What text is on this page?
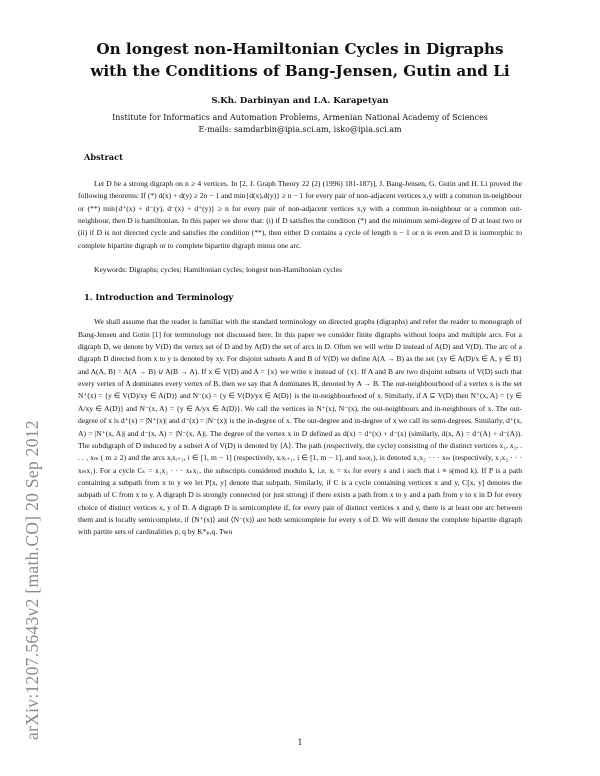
arXiv:1207.5643v2 [math.CO] 20 Sep 2012
On longest non-Hamiltonian Cycles in Digraphs
with the Conditions of Bang-Jensen, Gutin and Li
S.Kh. Darbinyan and I.A. Karapetyan
Institute for Informatics and Automation Problems, Armenian National Academy of Sciences
E-mails: samdarbin@ipia.sci.am, isko@ipia.sci.am
Abstract

Let D be a strong digraph on n ≥ 4 vertices. In [2, J. Graph Theory 22 (2) (1996) 181-187)], J. Bang-Jensen, G. Gutin and H. Li proved the following theorems: If (*) d(x) + d(y) ≥ 2n − 1 and min{d(x),d(y)} ≥ n − 1 for every pair of non-adjacent vertices x,y with a common in-neighbour or (**) min{d⁺(x) + d⁻(y), d⁻(x) + d⁺(y)} ≥ n for every pair of non-adjacent vertices x,y with a common in-neighbour or a common out-neighbour, then D is hamiltonian. In this paper we show that: (i) if D satisfies the condition (*) and the minimum semi-degree of D at least two or (ii) if D is not directed cycle and satisfies the condition (**), then either D contains a cycle of length n − 1 or n is even and D is isomorphic to complete bipartite digraph or to complete bipartite digraph minus one arc.

Keywords: Digraphs; cycles; Hamiltonian cycles; longest non-Hamiltonian cycles

1. Introduction and Terminology

We shall assume that the reader is familiar with the standard terminology on directed graphs (digraphs) and refer the reader to monograph of Bang-Jensen and Gutin [1] for terminology not discussed here. In this paper we consider finite digraphs without loops and multiple arcs. For a digraph D, we denote by V(D) the vertex set of D and by A(D) the set of arcs in D. Often we will write D instead of A(D) and V(D). The arc of a digraph D directed from x to y is denoted by xy. For disjoint subsets A and B of V(D) we define A(A → B) as the set {xy ∈ A(D)/x ∈ A, y ∈ B} and A(A, B) = A(A → B) ∪ A(B → A). If x ∈ V(D) and A = {x} we write x instead of {x}. If A and B are two disjoint subsets of V(D) such that every vertex of A dominates every vertex of B, then we say that A dominates B, denoted by A → B. The out-neighbourhood of a vertex x is the set N⁺(x) = {y ∈ V(D)/xy ∈ A(D)} and N⁻(x) = {y ∈ V(D)/yx ∈ A(D)} is the in-neighbourhood of x. Similarly, if A ⊆ V(D) then N⁺(x, A) = {y ∈ A/xy ∈ A(D)} and N⁻(x, A) = {y ∈ A/yx ∈ A(D)}. We call the vertices in N⁺(x), N⁻(x), the out-neighbours and in-neighbours of x. The out-degree of x is d⁺(x) = |N⁺(x)| and d⁻(x) = |N⁻(x)| is the in-degree of x. The out-degree and in-degree of x we call its semi-degrees. Similarly, d⁺(x, A) = |N⁺(x, A)| and d⁻(x, A) = |N⁻(x, A)|. The degree of the vertex x in D defined as d(x) = d⁺(x) + d⁻(x) (similarly, d(x, A) = d⁺(A) + d⁻(A)). The subdigraph of D induced by a subset A of V(D) is denoted by ⟨A⟩. The path (respectively, the cycle) consisting of the distinct vertices x₁, x₂, . . . , xₘ ( m ≥ 2) and the arcs xᵢxᵢ₊₁, i ∈ [1, m − 1] (respectively, xᵢxᵢ₊₁, i ∈ [1, m − 1], and xₘx₁), is denoted x₁x₂ · · · xₘ (respectively, x₁x₂ · · · xₘx₁). For a cycle Cₖ = x₁x₂ · · · xₖx₁, the subscripts considered modulo k, i.e. xᵢ = xₛ for every s and i such that i ≡ s(mod k). If P is a path containing a subpath from x to y we let P[x, y] denote that subpath. Similarly, if C is a cycle containing vertices x and y, C[x, y] denotes the subpath of C from x to y. A digraph D is strongly connected (or just strong) if there exists a path from x to y and a path from y to x in D for every choice of distinct vertices x, y of D. A digraph D is semicomplete if, for every pair of distinct vertices x and y, there is at least one arc between them and is locally semicomplete, if ⟨N⁺(x)⟩ and ⟨N⁻(x)⟩ are both semicomplete for every x of D. We will denote the complete bipartite digraph with partite sets of cardinalities p, q by K*ₚ,q. Two

1
